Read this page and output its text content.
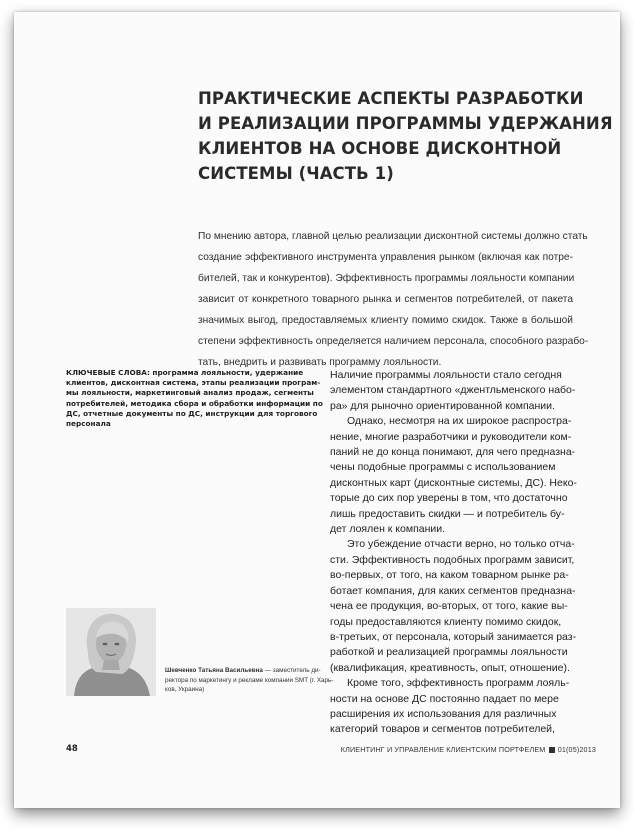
ПРАКТИЧЕСКИЕ АСПЕКТЫ РАЗРАБОТКИ
И РЕАЛИЗАЦИИ ПРОГРАММЫ УДЕРЖАНИЯ
КЛИЕНТОВ НА ОСНОВЕ ДИСКОНТНОЙ
СИСТЕМЫ (ЧАСТЬ 1)
По мнению автора, главной целью реализации дисконтной системы должно стать
создание эффективного инструмента управления рынком (включая как потре-
бителей, так и конкурентов). Эффективность программы лояльности компании
зависит от конкретного товарного рынка и сегментов потребителей, от пакета
значимых выгод, предоставляемых клиенту помимо скидок. Также в большой
степени эффективность определяется наличием персонала, способного разрабо-
тать, внедрить и развивать программу лояльности.
КЛЮЧЕВЫЕ СЛОВА: программа лояльности, удержание
клиентов, дисконтная система, этапы реализации програм-
мы лояльности, маркетинговый анализ продаж, сегменты
потребителей, методика сбора и обработки информации по
ДС, отчетные документы по ДС, инструкции для торгового
персонала
Шевченко Татьяна Васильевна — заместитель ди-
ректора по маркетингу и рекламе компании SMT (г. Харь-
ков, Украина)
Наличие программы лояльности стало сегодня
элементом стандартного «джентльменского набо-
ра» для рыночно ориентированной компании.
Однако, несмотря на их широкое распростра-
нение, многие разработчики и руководители ком-
паний не до конца понимают, для чего предназна-
чены подобные программы с использованием
дисконтных карт (дисконтные системы, ДС). Неко-
торые до сих пор уверены в том, что достаточно
лишь предоставить скидки — и потребитель бу-
дет лоялен к компании.
Это убеждение отчасти верно, но только отча-
сти. Эффективность подобных программ зависит,
во-первых, от того, на каком товарном рынке ра-
ботает компания, для каких сегментов предназна-
чена ее продукция, во-вторых, от того, какие вы-
годы предоставляются клиенту помимо скидок,
в-третьих, от персонала, который занимается раз-
работкой и реализацией программы лояльности
(квалификация, креативность, опыт, отношение).
Кроме того, эффективность программ лояль-
ности на основе ДС постоянно падает по мере
расширения их использования для различных
категорий товаров и сегментов потребителей,
48	КЛИЕНТИНГ И УПРАВЛЕНИЕ КЛИЕНТСКИМ ПОРТФЕЛЕМ 01(05)2013
